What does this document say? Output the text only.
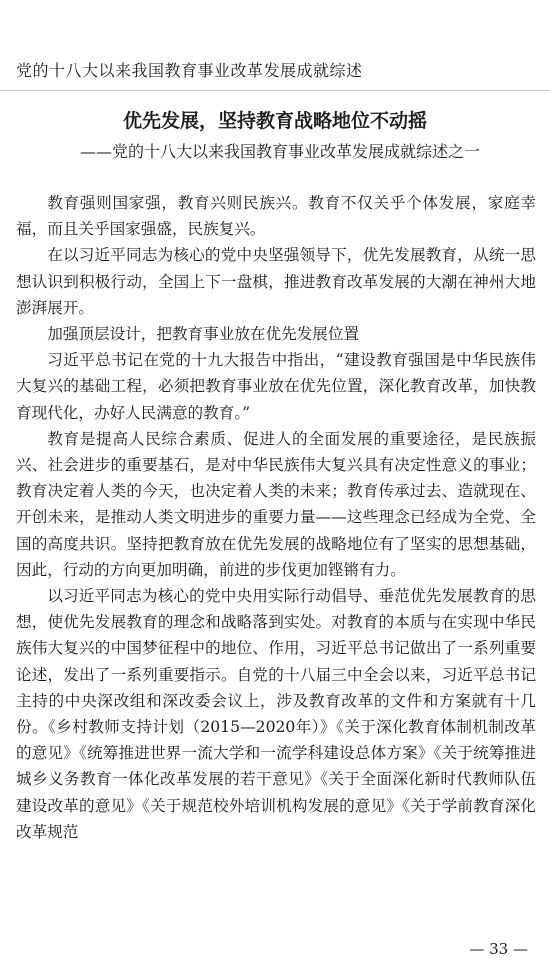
党的十八大以来我国教育事业改革发展成就综述
优先发展，坚持教育战略地位不动摇
——党的十八大以来我国教育事业改革发展成就综述之一

教育强则国家强，教育兴则民族兴。教育不仅关乎个体发展，家庭幸福，而且关乎国家强盛，民族复兴。

在以习近平同志为核心的党中央坚强领导下，优先发展教育，从统一思想认识到积极行动，全国上下一盘棋，推进教育改革发展的大潮在神州大地澎湃展开。

加强顶层设计，把教育事业放在优先发展位置

习近平总书记在党的十九大报告中指出，“建设教育强国是中华民族伟大复兴的基础工程，必须把教育事业放在优先位置，深化教育改革，加快教育现代化，办好人民满意的教育。”

教育是提高人民综合素质、促进人的全面发展的重要途径，是民族振兴、社会进步的重要基石，是对中华民族伟大复兴具有决定性意义的事业；教育决定着人类的今天，也决定着人类的未来；教育传承过去、造就现在、开创未来，是推动人类文明进步的重要力量——这些理念已经成为全党、全国的高度共识。坚持把教育放在优先发展的战略地位有了坚实的思想基础，因此，行动的方向更加明确，前进的步伐更加铿锵有力。

以习近平同志为核心的党中央用实际行动倡导、垂范优先发展教育的思想，使优先发展教育的理念和战略落到实处。对教育的本质与在实现中华民族伟大复兴的中国梦征程中的地位、作用，习近平总书记做出了一系列重要论述，发出了一系列重要指示。自党的十八届三中全会以来，习近平总书记主持的中央深改组和深改委会议上，涉及教育改革的文件和方案就有十几份。《乡村教师支持计划（2015—2020年）》《关于深化教育体制机制改革的意见》《统筹推进世界一流大学和一流学科建设总体方案》《关于统筹推进城乡义务教育一体化改革发展的若干意见》《关于全面深化新时代教师队伍建设改革的意见》《关于规范校外培训机构发展的意见》《关于学前教育深化改革规范

— 33 —
